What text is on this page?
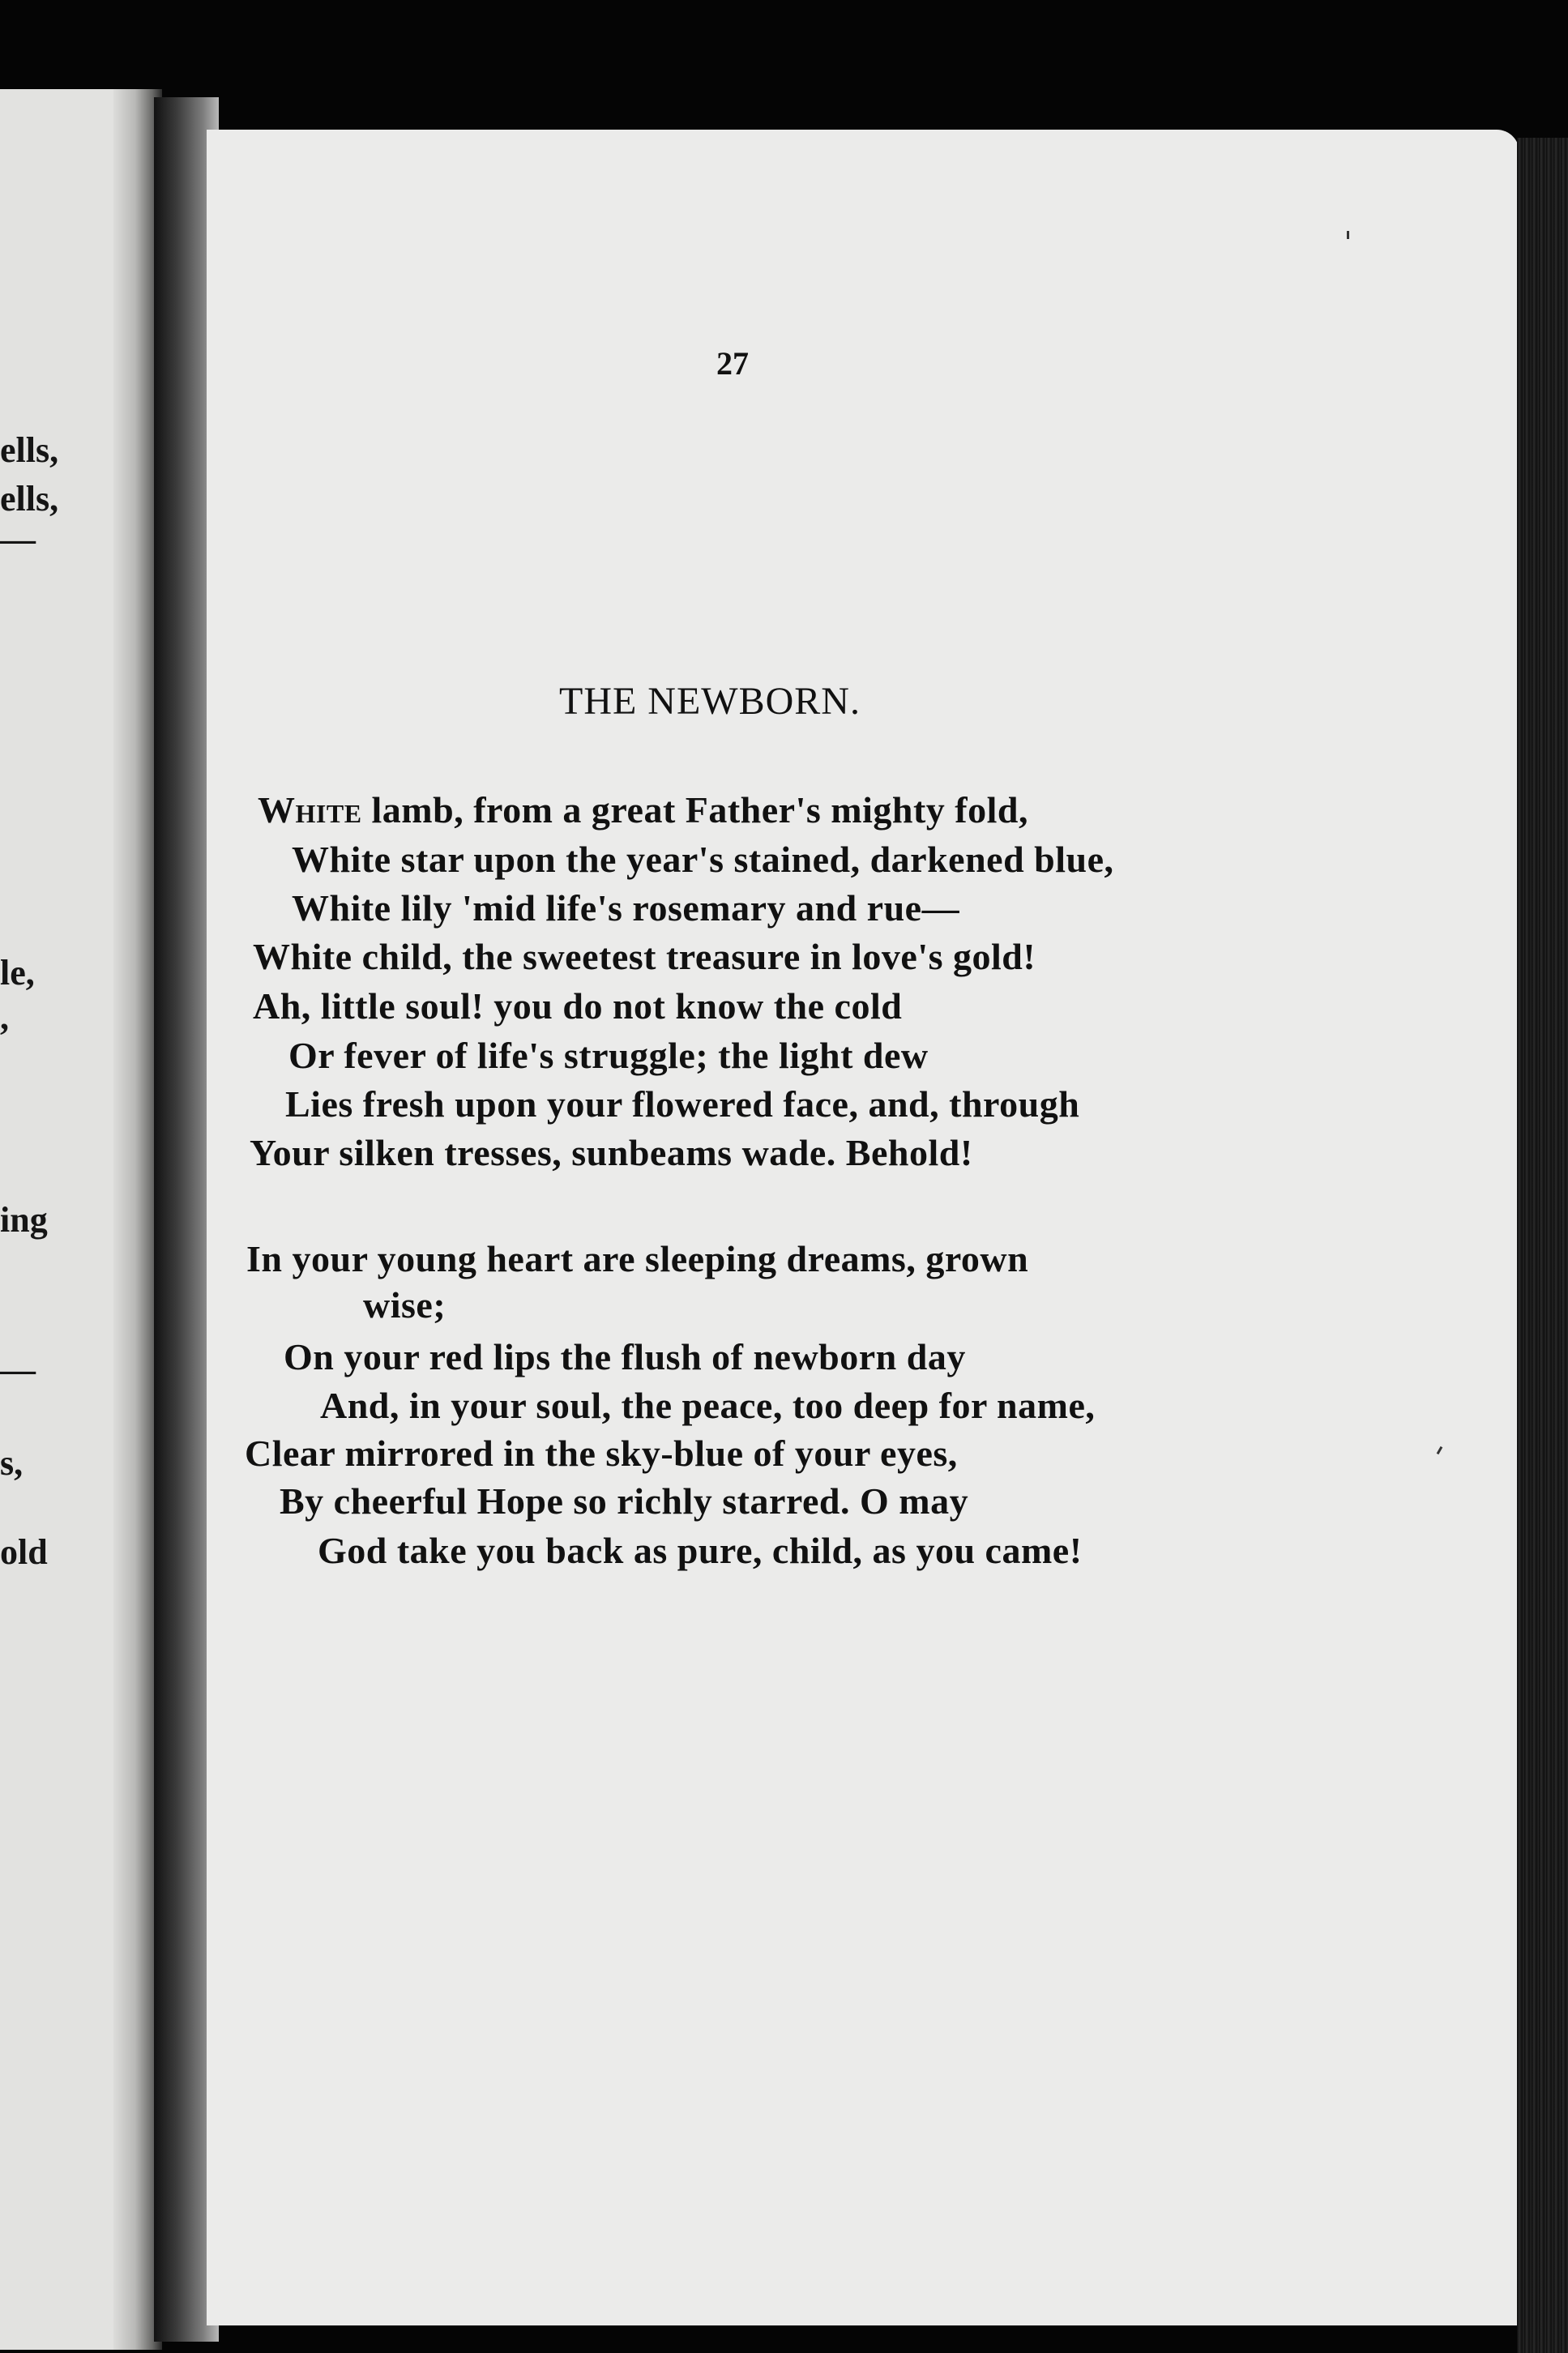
ells,
ells,
—
le,
,
ing
—
s,
old
27
THE NEWBORN.
White lamb, from a great Father's mighty fold,
White star upon the year's stained, darkened blue,
White lily 'mid life's rosemary and rue—
White child, the sweetest treasure in love's gold!
Ah, little soul! you do not know the cold
Or fever of life's struggle; the light dew
Lies fresh upon your flowered face, and, through
Your silken tresses, sunbeams wade. Behold!
In your young heart are sleeping dreams, grown
wise;
On your red lips the flush of newborn day
And, in your soul, the peace, too deep for name,
Clear mirrored in the sky-blue of your eyes,
By cheerful Hope so richly starred. O may
God take you back as pure, child, as you came!
